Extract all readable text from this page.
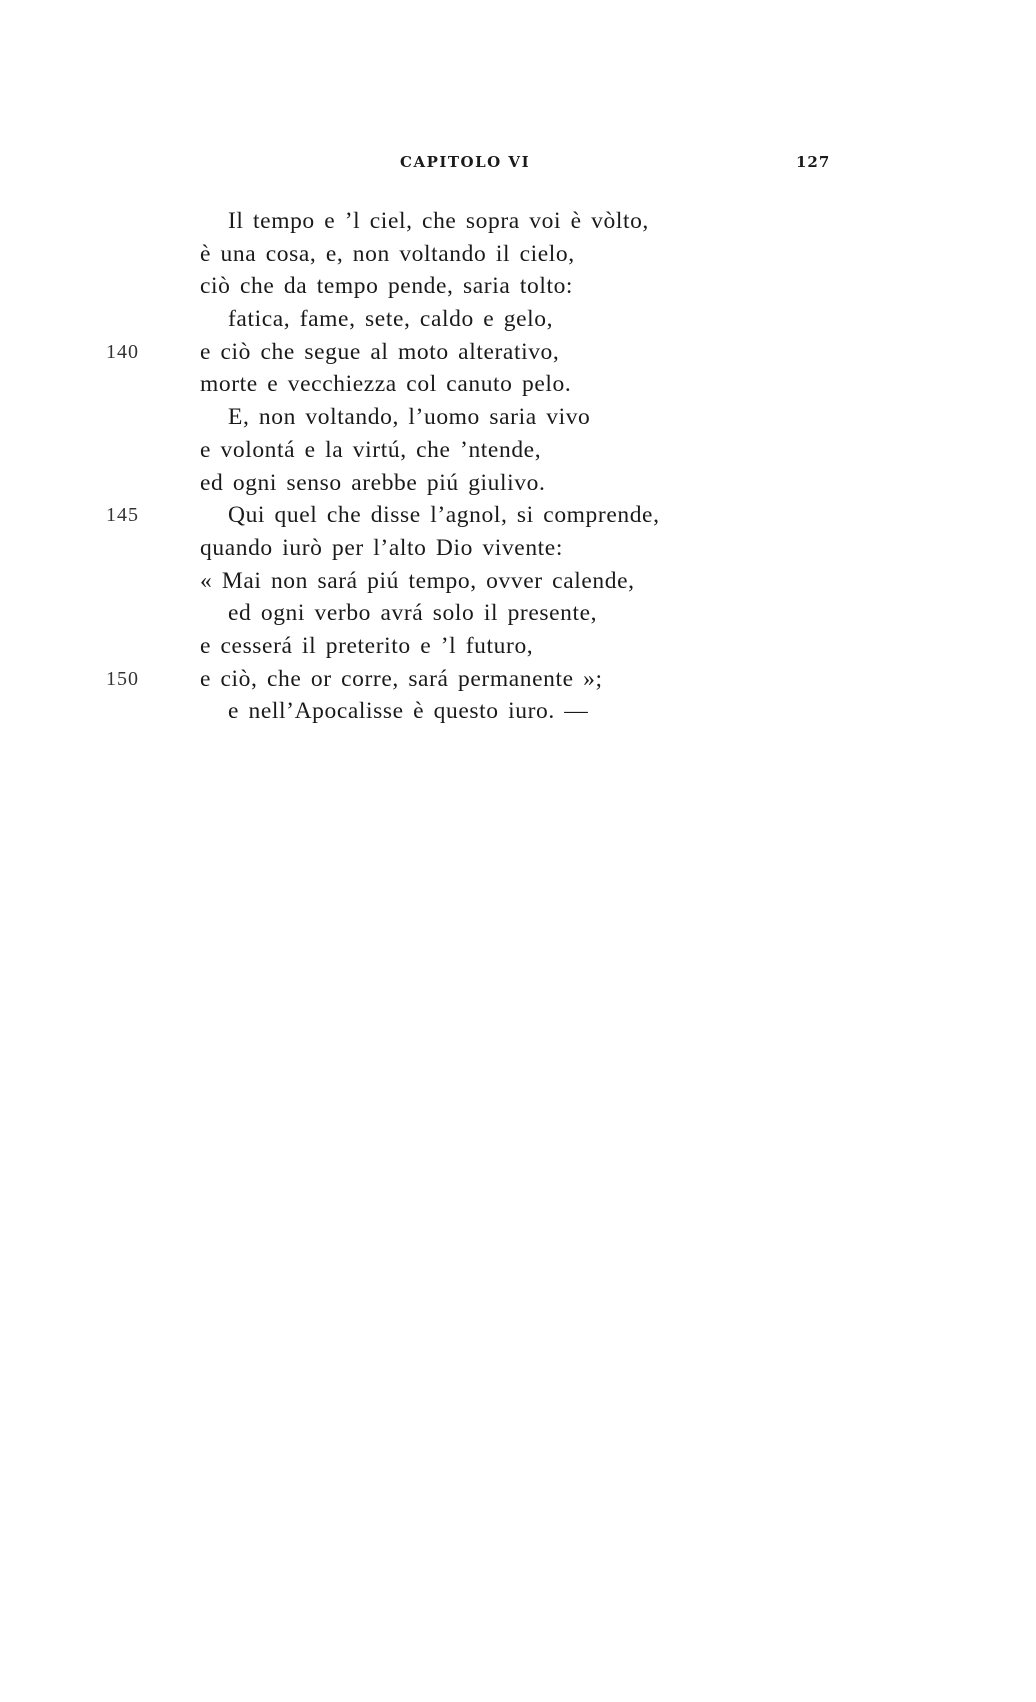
CAPITOLO VI	127
Il tempo e ’l ciel, che sopra voi è vòlto,
è una cosa, e, non voltando il cielo,
ciò che da tempo pende, saria tolto:
fatica, fame, sete, caldo e gelo,
140	e ciò che segue al moto alterativo,
morte e vecchiezza col canuto pelo.
E, non voltando, l’uomo saria vivo
e volontá e la virtú, che ’ntende,
ed ogni senso arebbe piú giulivo.
145	Qui quel che disse l’agnol, si comprende,
quando iurò per l’alto Dio vivente:
« Mai non sará piú tempo, ovver calende,
ed ogni verbo avrá solo il presente,
e cesserá il preterito e ’l futuro,
150	e ciò, che or corre, sará permanente »;
e nell’Apocalisse è questo iuro. —
